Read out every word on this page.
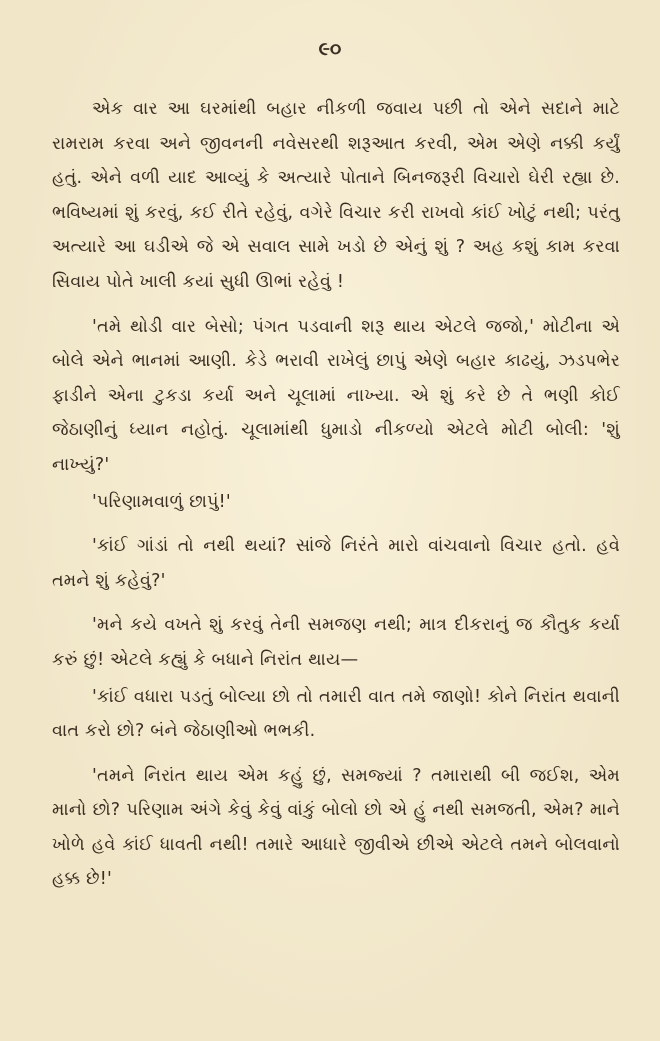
૯૦

એક વાર આ ઘરમાંથી બહાર નીકળી જવાય પછી તો એને સદાને માટે રામરામ કરવા અને જીવનની નવેસરથી શરૂઆત કરવી, એમ એણે નક્કી કર્યું હતું. એને વળી યાદ આવ્યું કે અત્યારે પોતાને બિનજરૂરી વિચારો ઘેરી રહ્યા છે. ભવિષ્યમાં શું કરવું, કઈ રીતે રહેવું, વગેરે વિચાર કરી રાખવો કાંઈ ખોટું નથી; પરંતુ અત્યારે આ ઘડીએ જે એ સવાલ સામે ખડો છે એનું શું ? અહ કશું કામ કરવા સિવાય પોતે ખાલી કયાં સુધી ઊભાં રહેવું !

'તમે થોડી વાર બેસો; પંગત પડવાની શરૂ થાય એટલે જજો,' મોટીના એ બોલે એને ભાનમાં આણી. કેડે ભરાવી રાખેલું છાપું એણે બહાર કાઢયું, ઝડપભેર ફાડીને એના ટુકડા કર્યા અને ચૂલામાં નાખ્યા. એ શું કરે છે તે ભણી કોઈ જેઠાણીનું ધ્યાન નહોતું. ચૂલામાંથી ધુમાડો નીકળ્યો એટલે મોટી બોલી: 'શું નાખ્યું?'

'પરિણામવાળું છાપું!'

'કાંઈ ગાંડાં તો નથી થયાં? સાંજે નિરંતે મારો વાંચવાનો વિચાર હતો. હવે તમને શું કહેવું?'

'મને કયે વખતે શું કરવું તેની સમજણ નથી; માત્ર દીકરાનું જ કૌતુક કર્યા કરું છું! એટલે કહ્યું કે બધાને નિરાંત થાય—

'કાંઈ વધારા પડતું બોલ્યા છો તો તમારી વાત તમે જાણો! કોને નિરાંત થવાની વાત કરો છો? બંને જેઠાણીઓ ભભકી.

'તમને નિરાંત થાય એમ કહું છું, સમજ્યાં ? તમારાથી બી જઈશ, એમ માનો છો? પરિણામ અંગે કેવું કેવું વાંકું બોલો છો એ હું નથી સમજતી, એમ? માને ખોળે હવે કાંઈ ધાવતી નથી! તમારે આધારે જીવીએ છીએ એટલે તમને બોલવાનો હક્ક છે!'
